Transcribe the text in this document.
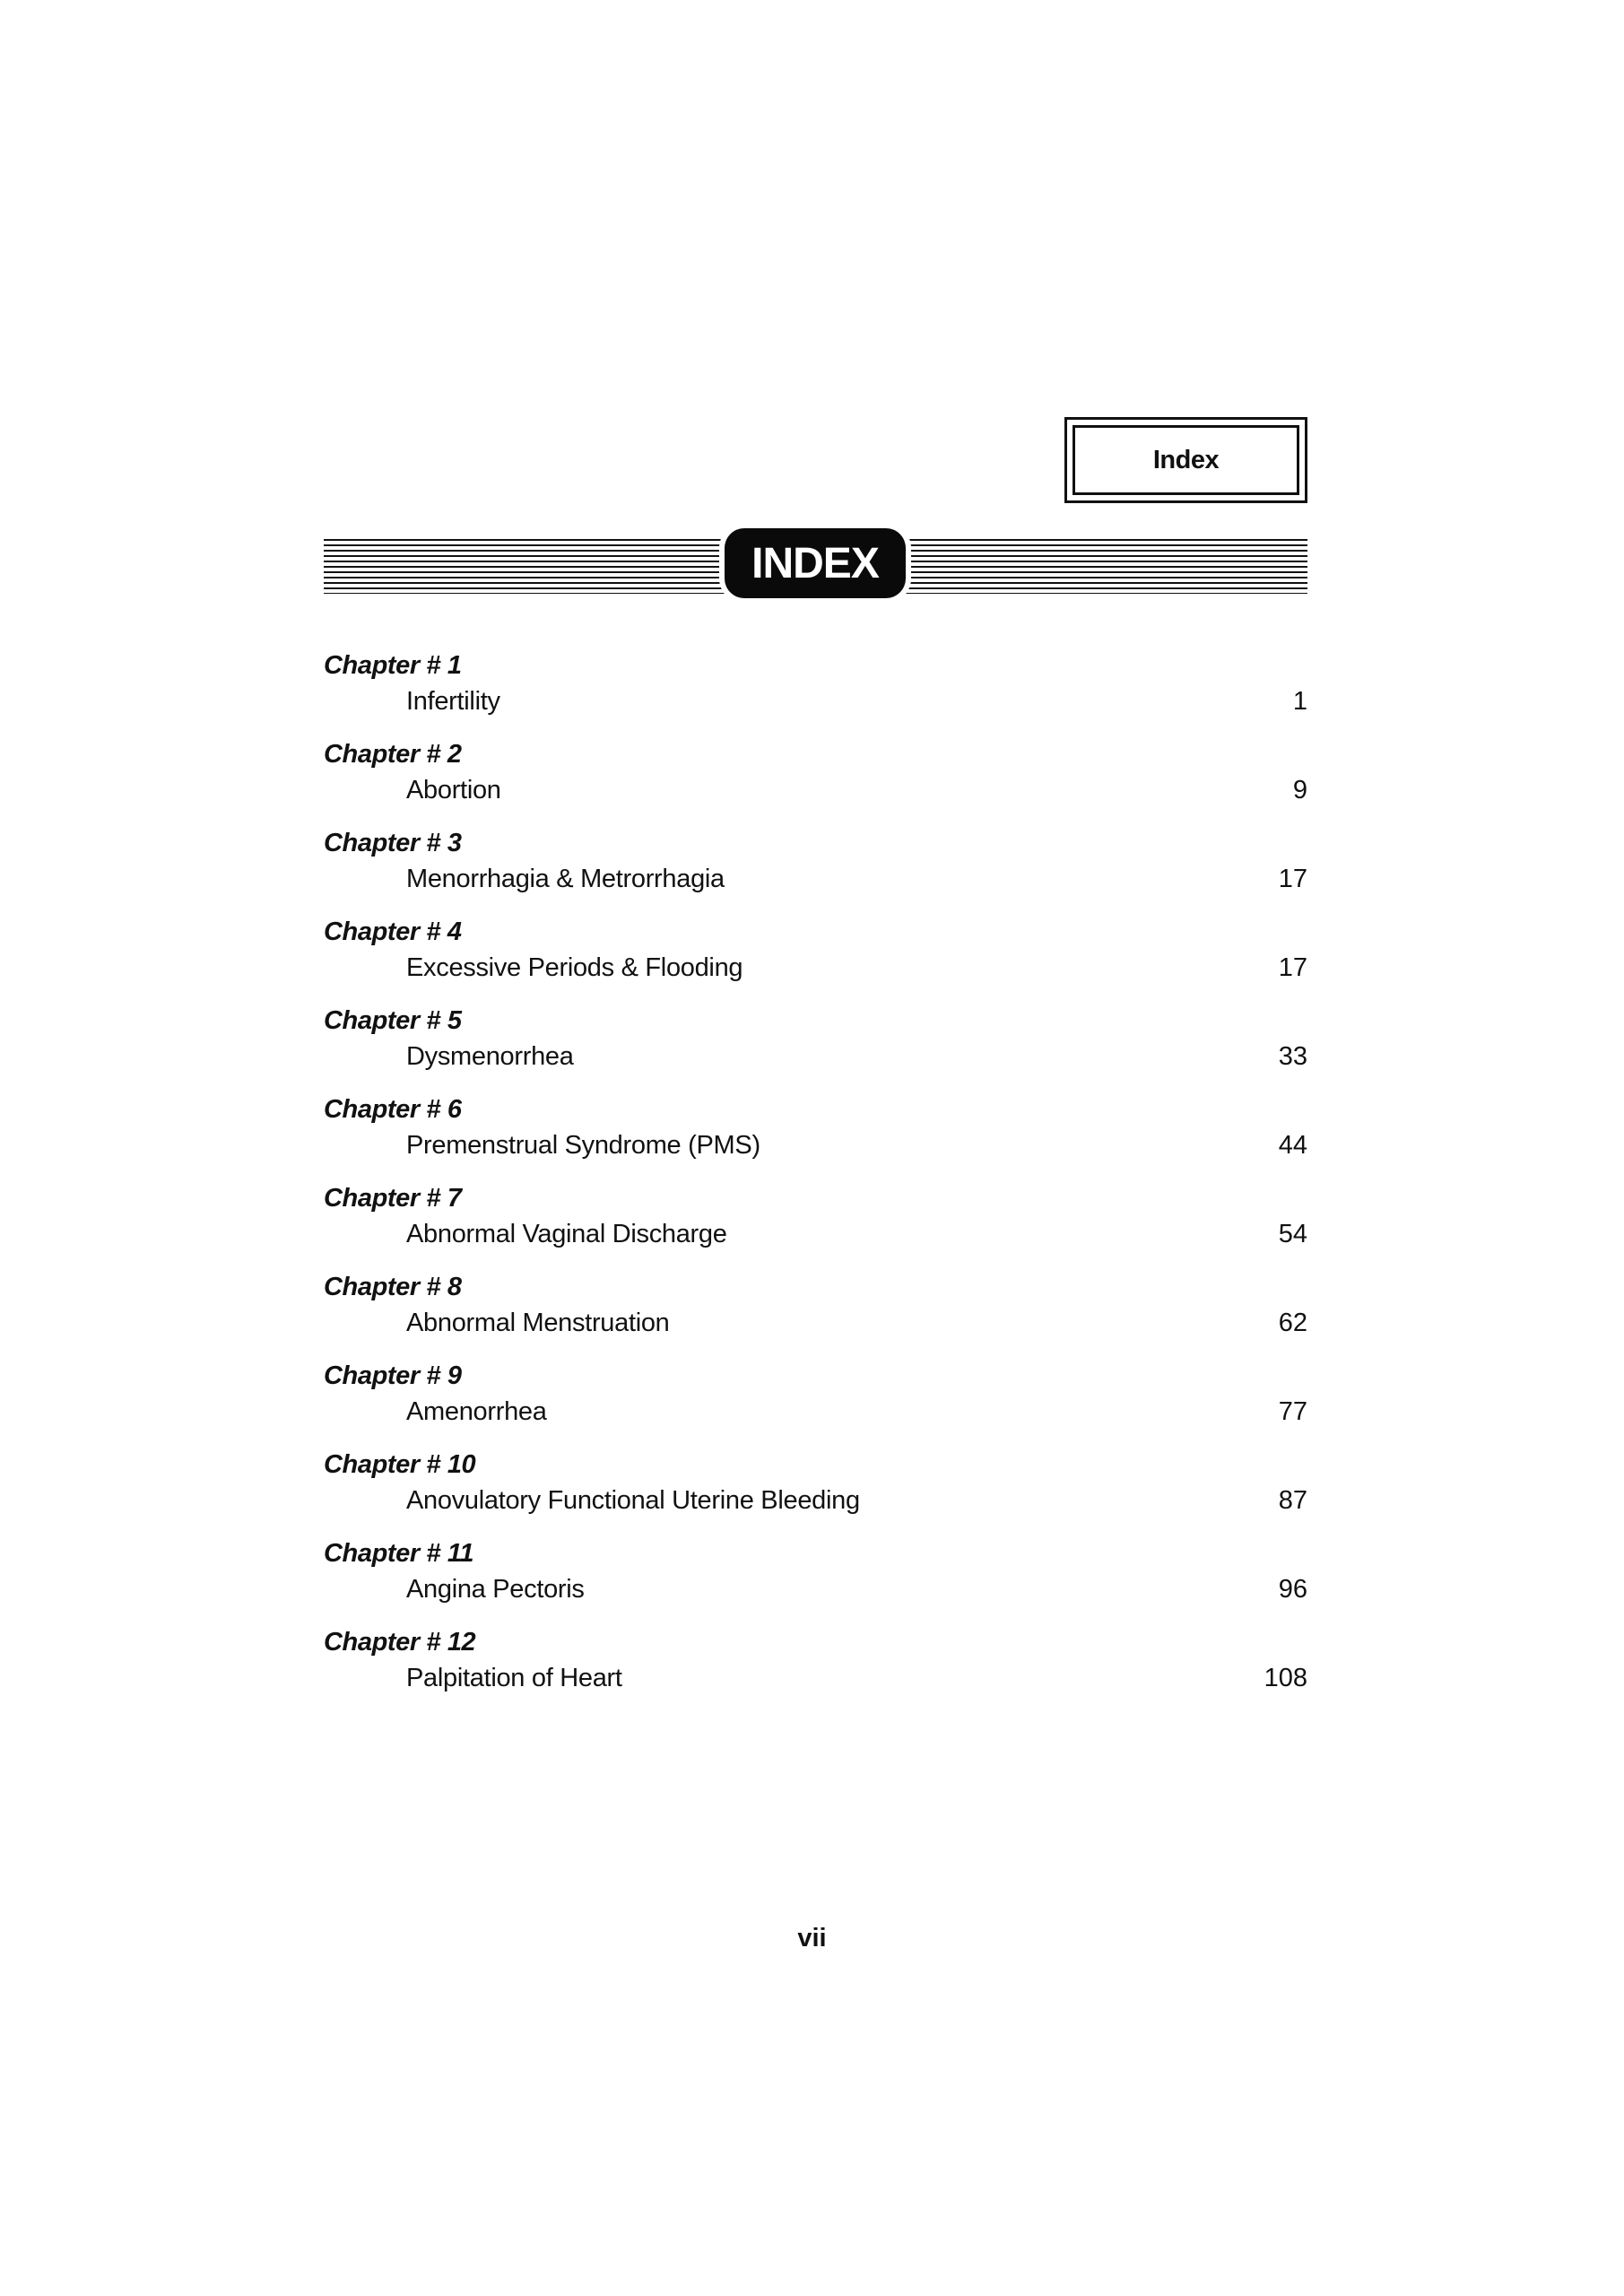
Index
INDEX
Chapter # 1
Infertility	1
Chapter # 2
Abortion	9
Chapter # 3
Menorrhagia & Metrorrhagia	17
Chapter # 4
Excessive Periods & Flooding	17
Chapter # 5
Dysmenorrhea	33
Chapter # 6
Premenstrual Syndrome (PMS)	44
Chapter # 7
Abnormal Vaginal Discharge	54
Chapter # 8
Abnormal Menstruation	62
Chapter # 9
Amenorrhea	77
Chapter # 10
Anovulatory Functional Uterine Bleeding	87
Chapter # 11
Angina Pectoris	96
Chapter # 12
Palpitation of Heart	108
vii
